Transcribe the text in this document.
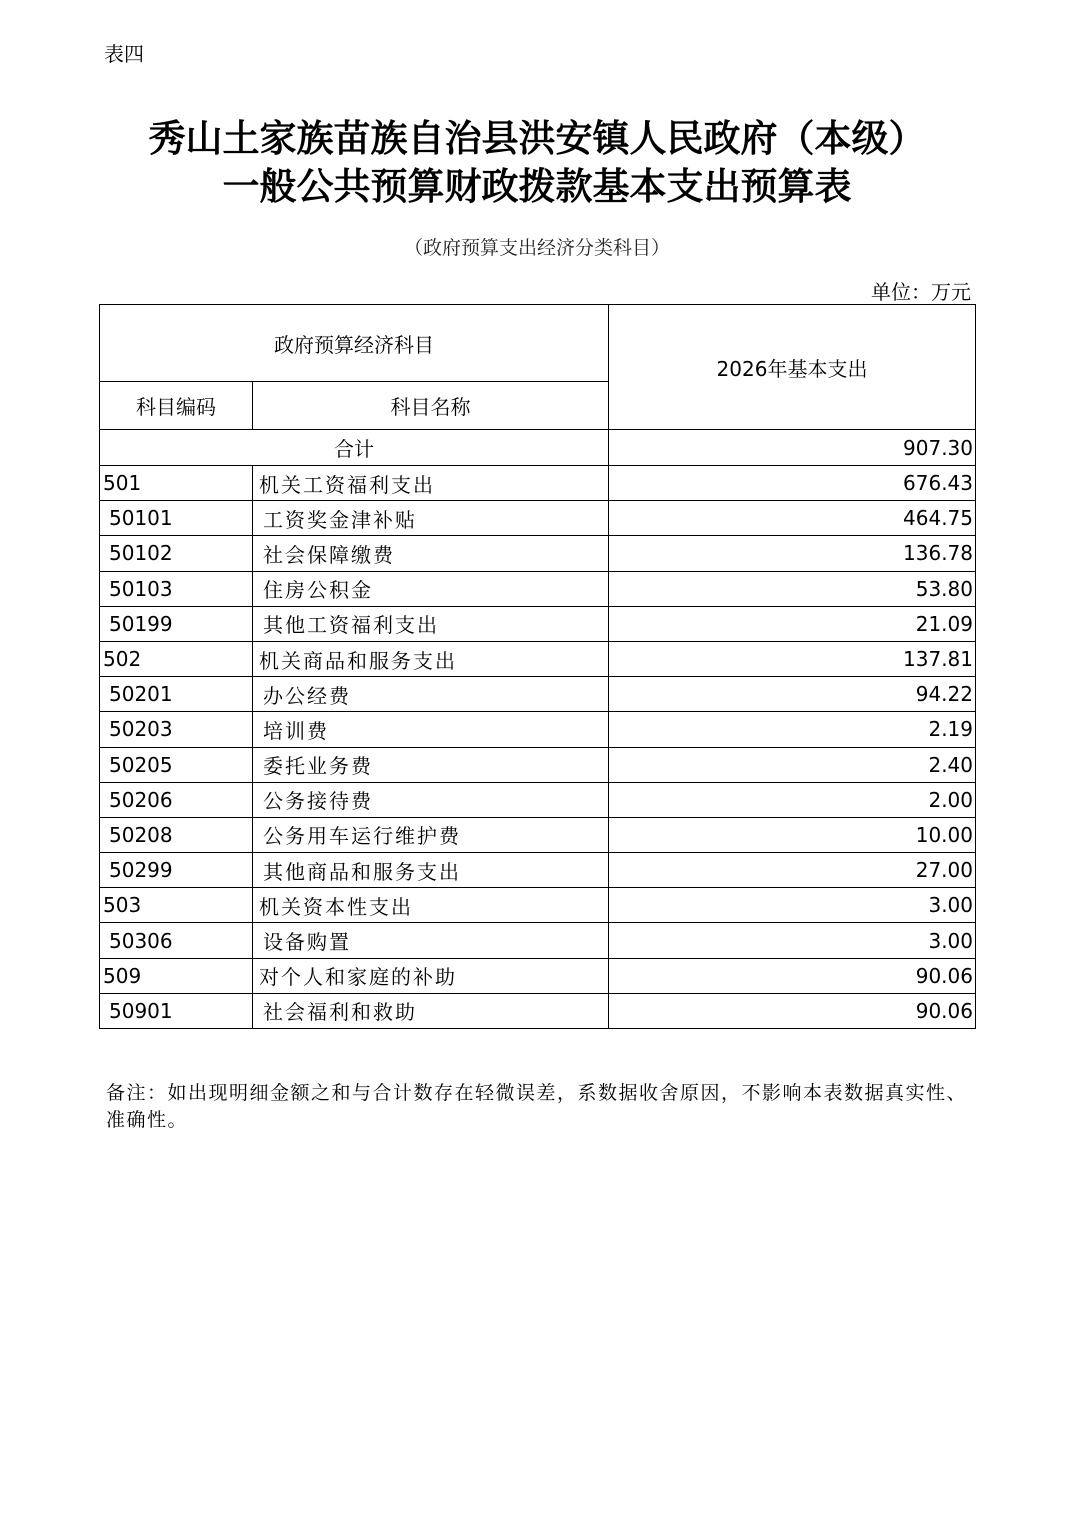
表四
秀山土家族苗族自治县洪安镇人民政府（本级）
一般公共预算财政拨款基本支出预算表
（政府预算支出经济分类科目）
单位：万元
政府预算经济科目		2026年基本支出
科目编码	科目名称	
合计		907.30
501	机关工资福利支出	676.43
50101	工资奖金津补贴	464.75
50102	社会保障缴费	136.78
50103	住房公积金	53.80
50199	其他工资福利支出	21.09
502	机关商品和服务支出	137.81
50201	办公经费	94.22
50203	培训费	2.19
50205	委托业务费	2.40
50206	公务接待费	2.00
50208	公务用车运行维护费	10.00
50299	其他商品和服务支出	27.00
503	机关资本性支出	3.00
50306	设备购置	3.00
509	对个人和家庭的补助	90.06
50901	社会福利和救助	90.06
备注：如出现明细金额之和与合计数存在轻微误差，系数据收舍原因，不影响本表数据真实性、准确性。
